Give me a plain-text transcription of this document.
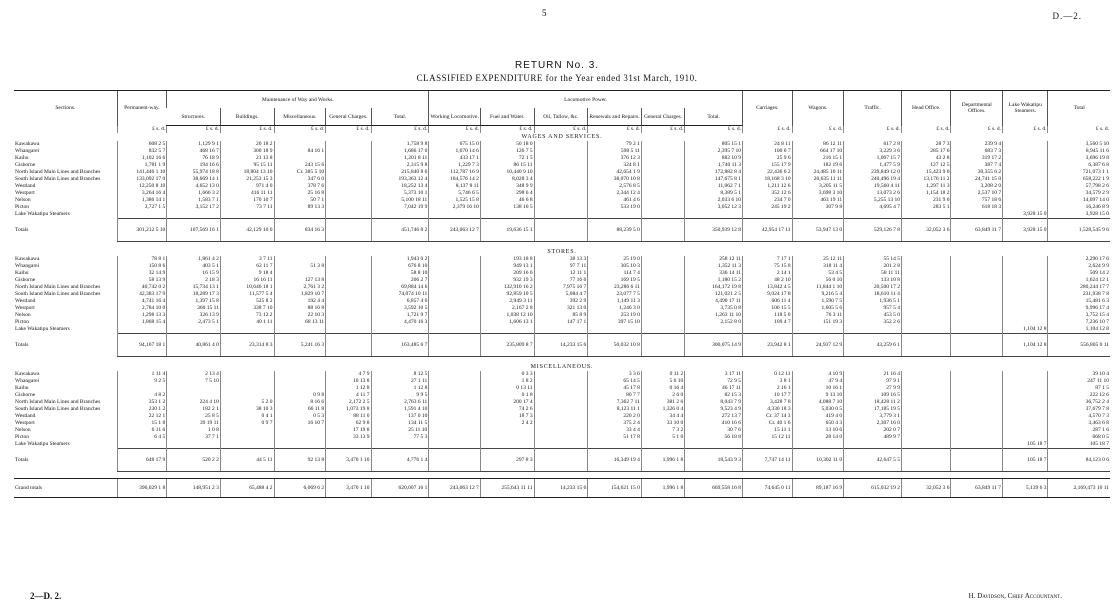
5	D.—2.
RETURN No. 3.
CLASSIFIED EXPENDITURE for the Year ended 31st March, 1910.
Sections.	Permanent-way.	Maintenance of Way and Works.					Locomotive Power.						Carriages.	Wagons.	Traffic.	Head Office.	Departmental Offices.	Lake Wakatipu Steamers.	Total
		Structures.	Buildings.	Miscellaneous.	General Charges.	Total.	Working Locomotive.	Fuel and Water.	Oil, Tallow, &c.	Renewals and Repairs.	General Charges.	Total.							
	£ s. d.	£ s. d.	£ s. d.	£ s. d.	£ s. d.	£ s. d.	£ s. d.	£ s. d.	£ s. d.	£ s. d.	£ s. d.	£ s. d.	£ s. d.	£ s. d.	£ s. d.	£ s. d.	£ s. d.	£ s. d.	£ s. d.
WAGES AND SERVICES.																			
Kawakawa	608 2 5	1,129 9 1	20 18 2			1,758 9 8	675 15 0	50 18 0		79 2 1		805 15 1	24 8 11	86 12 11	617 2 8	28 7 3	239 9 4		3,560 5 10
Whangarei	832 5 7	468 16 7	300 18 9	84 16 1		1,686 17 0	1,670 14 6	126 7 5		598 5 11		2,395 7 10	100 0 7	664 17 10	3,229 3 6	285 17 6	683 7 3		8,945 11 6
Kaihu	1,102 16 6	76 18 9	21 13 8			1,201 8 11	433 17 1	72 1 5		376 12 3		882 10 9	25 9 6	216 15 1	1,007 15 7	43 2 8	319 17 2		3,696 19 8
Gisborne	1,781 1 9	194 16 6	95 15 11	243 15 6		2,315 9 8	1,229 7 3	86 15 11		324 8 1		1,740 11 3	155 17 9	182 19 6	1,477 5 9	127 12 5	387 7 4		6,387 6 8
North Island Main Lines and Branches	141,446 1 10	55,974 18 8	18,804 13 10	Cr. 385 5 10		215,840 8 6	112,787 16 9	10,440 9 10		42,654 1 9		172,882 8 4	22,436 6 2	24,485 10 11	239,849 12 0	15,423 9 0	30,355 6 2		721,073 1 1
South Island Main Lines and Branches	133,092 17 0	38,669 14 1	21,253 15 3	347 6 0		193,363 12 4	104,576 14 2	8,028 3 4		38,070 10 8		147,675 8 1	18,168 3 10	20,635 11 11	240,496 19 4	13,176 11 2	24,741 15 0		658,222 1 9
Westland	12,250 8 10	4,652 13 0	971 4 0	378 7 6		18,252 13 4	8,137 8 11	348 9 9		2,576 8 5		11,062 7 1	1,211 12 6	3,205 11 5	19,560 4 11	1,297 11 3	3,208 2 0		57,798 2 6
Westport	3,264 16 4	1,666 3 2	416 11 11	25 16 8		5,373 10 1	5,746 6 5	298 6 4		2,344 12 4		8,389 5 1	352 12 6	3,698 3 10	13,073 2 6	1,154 18 2	2,537 10 7		34,579 2 9
Nelson	1,386 14 1	1,583 7 1	170 10 7	50 7 1		5,100 18 11	1,525 15 8	46 6 8		461 4 6		2,033 6 10	234 7 0	463 19 11	5,255 13 10	231 9 0	757 18 6		14,097 14 0
Picton	3,727 1 5	3,152 17 2	73 7 11	89 13 3		7,042 19 9	2,379 16 10	138 16 5		533 19 0		3,052 12 3	245 19 2	307 9 8	4,695 4 7	283 5 1	618 18 3		16,246 8 9
Lake Wakatipu Steamers																		3,928 15 0	3,928 15 0
Totals	301,212 5 10	107,569 16 1	42,129 10 0	834 16 3		451,746 8 2	243,063 12 7	19,636 15 1		88,239 5 0		350,939 12 8	42,954 17 11	53,947 13 0	529,126 7 8	32,052 3 6	63,849 11 7	3,928 15 0	1,528,545 9 6

STORES.																			
Kawakawa	78 8 1	1,861 4 2	3 7 11			1,943 0 2		193 18 8	38 13 3	25 19 0		258 12 11	7 17 1	25 12 11	55 14 5				2,290 17 6
Whangarei	150 8 6	403 5 1	62 11 7	51 3 8		676 8 10		949 13 1	97 7 11	305 10 3		1,352 11 3	75 15 8	318 11 4	201 2 8				2,624 9 9
Kaihu	32 14 9	16 15 9	9 18 4			58 8 10		209 16 6	12 11 1	114 7 4		336 14 11	2 14 1	53 4 5	58 11 11				509 14 2
Gisborne	58 13 9	2 18 3	16 16 11	127 13 8		206 2 7		932 19 3	77 16 6	169 19 5		1,180 15 2	48 2 10	56 0 10	133 10 8				1,624 12 1
North Island Main Lines and Branches	40,742 0 2	15,734 13 1	10,646 18 1	2,761 3 2		69,884 14 6		132,910 16 2	7,975 16 7	23,286 6 11		164,172 19 8	13,842 4 5	11,844 1 10	20,500 17 2				280,244 17 7
South Island Main Lines and Branches	42,383 17 9	18,289 17 3	11,577 5 4	1,829 10 7		74,074 10 11		92,859 10 5	5,084 4 7	23,077 7 5		121,021 2 5	9,024 17 8	9,216 5 4	18,610 11 4				231,938 7 8
Westland	4,741 16 4	1,397 15 8	525 8 2	192 4 4		6,857 4 6		2,949 3 11	392 2 9	1,149 11 3		4,490 17 11	606 11 4	1,590 7 5	1,936 5 1				15,481 6 3
Westport	2,784 10 0	360 15 11	338 7 10	88 16 8		3,592 10 5		2,167 2 8	321 13 0	1,246 3 0		3,735 0 8	106 15 5	1,605 5 6	957 5 4				9,996 17 4
Nelson	1,298 13 3	326 13 9	73 12 2	22 10 3		1,721 9 7		1,038 12 10	85 8 9	253 19 0		1,263 11 10	118 5 0	76 3 11	453 5 0				3,752 15 4
Picton	1,868 15 4	2,473 5 1	40 1 11	68 13 11		4,470 16 3		1,606 13 1	147 17 1	397 15 10		2,152 8 0	109 4 7	151 19 3	352 2 6				7,236 10 7
Lake Wakatipu Steamers																		1,104 12 8	1,104 12 8
Totals	94,167 18 1	40,861 4 0	23,314 8 3	5,241 16 3		163,485 6 7		235,809 8 7	14,233 15 6	50,032 10 8		300,075 14 9	23,942 8 1	24,937 12 9	43,259 6 1			1,104 12 8	556,805 0 11

MISCELLANEOUS.																			
Kawakawa	1 11 4	2 13 4			4 7 9	8 12 5		0 3 3		3 3 6	0 11 2	3 17 11	0 12 11	4 10 9	21 16 4				39 10 4
Whangarei	9 2 5	7 5 10			10 13 8	27 1 11		1 8 2		65 14 5	5 6 10	72 9 5	3 8 1	47 9 4	97 9 1				247 11 10
Kaihu					1 12 8	1 12 8		0 13 11		45 17 8	0 16 4	46 17 11	2 16 1	10 16 1	27 9 9				87 1 5
Gisborne	4 8 2			0 9 8	4 11 7	9 9 5		0 1 8		80 7 7	2 6 0	82 15 3	10 17 7	9 13 10	109 16 5				222 12 6
North Island Main Lines and Branches	353 1 2	224 4 10	5 2 0	8 16 6	2,172 2 5	2,763 6 11		200 17 4		7,362 7 11	381 2 6	8,043 7 9	3,428 7 8	4,088 7 10	18,428 11 2				36,752 2 4
South Island Main Lines and Branches	230 1 2	182 2 1	38 10 3	66 11 8	1,073 19 8	1,591 4 10		74 2 6		8,123 11 1	1,326 0 4	9,523 4 9	4,330 18 3	5,030 0 5	17,185 19 5				37,679 7 8
Westland	22 12 1	25 8 5	0 4 1	0 5 3	88 11 0	137 0 10		18 7 3		220 2 0	34 4 4	272 13 7	Cr. 37 14 3	419 4 0	3,779 3 1				4,570 7 3
Westport	15 1 8	39 19 11	0 9 7	16 10 7	62 9 8	134 11 5		2 4 2		375 2 4	33 10 0	410 16 6	Cr. 40 1 6	650 4 3	2,307 16 0				3,463 6 8
Nelson	6 11 6	1 0 8			17 19 8	25 11 10				33 4 4	7 3 2	30 7 6	15 11 1	13 10 6	202 0 7				287 1 6
Picton	6 4 5	37 7 1			33 13 9	77 5 3				51 17 8	5 1 0	56 18 8	15 12 11	28 14 0	489 9 7				668 0 5
Lake Wakatipu Steamers																		105 18 7	105 18 7
Totals	648 17 9	520 2 2	44 5 11	92 13 8	3,470 1 10	4,776 1 4		297 8 3		16,349 19 4	1,996 1 8	18,543 9 3	7,747 14 11	10,302 11 0	42,647 5 5			105 18 7	84,123 0 6

Grand totals	396,029 1 8	148,951 2 3	65,488 4 2	6,069 6 2	3,470 1 10	620,007 16 1	243,063 12 7	255,643 11 11	14,233 15 6	154,621 15 0	1,996 1 8	669,558 16 8	74,645 0 11	89,187 16 9	615,032 19 2	32,052 3 6	63,849 11 7	5,139 6 3	2,169,473 10 11
2—D. 2.	H. Davidson, Chief Accountant.
